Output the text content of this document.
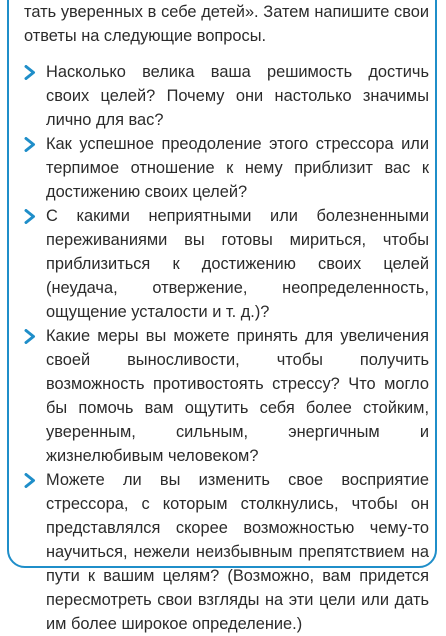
тать уверенных в себе детей». Затем напишите свои ответы на следующие вопросы.

Насколько велика ваша решимость достичь своих целей? Почему они настолько значимы лично для вас?
Как успешное преодоление этого стрессора или терпимое отношение к нему приблизит вас к достижению своих целей?
С какими неприятными или болезненными переживаниями вы готовы мириться, чтобы приблизиться к достижению своих целей (неудача, отвержение, неопределенность, ощущение усталости и т. д.)?
Какие меры вы можете принять для увеличения своей выносливости, чтобы получить возможность противостоять стрессу? Что могло бы помочь вам ощутить себя более стойким, уверенным, сильным, энергичным и жизнелюбивым человеком?
Можете ли вы изменить свое восприятие стрессора, с которым столкнулись, чтобы он представлялся скорее возможностью чему-то научиться, нежели неизбывным препятствием на пути к вашим целям? (Возможно, вам придется пересмотреть свои взгляды на эти цели или дать им более широкое определение.)
